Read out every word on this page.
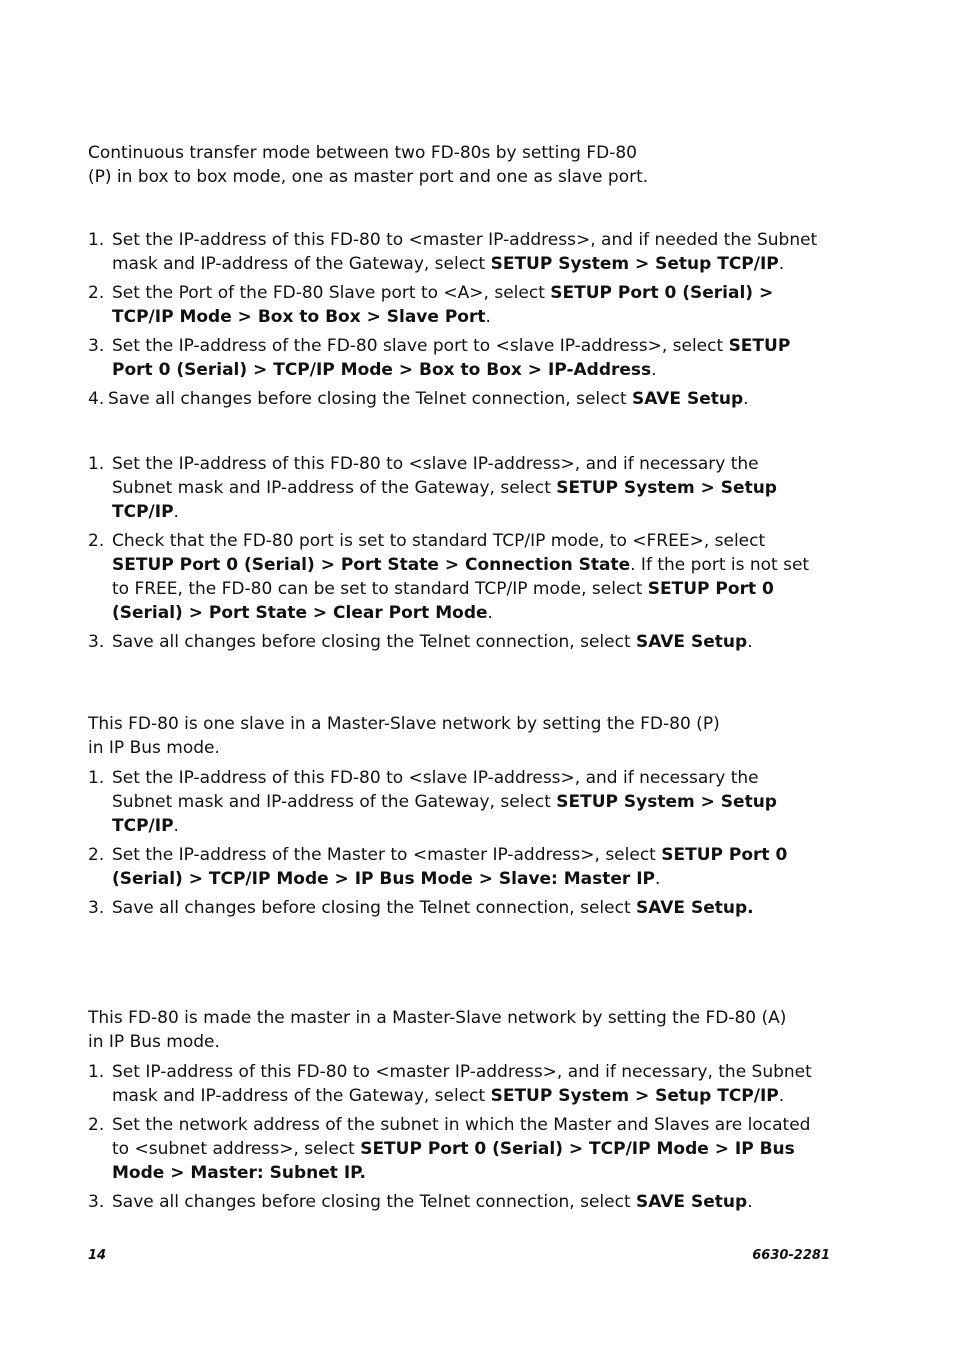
Continuous transfer mode between two FD-80s by setting FD-80
(P) in box to box mode, one as master port and one as slave port.

1. Set the IP-address of this FD-80 to <master IP-address>, and if needed the Subnet mask and IP-address of the Gateway, select SETUP System > Setup TCP/IP.
2. Set the Port of the FD-80 Slave port to <A>, select SETUP Port 0 (Serial) > TCP/IP Mode > Box to Box > Slave Port.
3. Set the IP-address of the FD-80 slave port to <slave IP-address>, select SETUP Port 0 (Serial) > TCP/IP Mode > Box to Box > IP-Address.
4. Save all changes before closing the Telnet connection, select SAVE Setup.
1. Set the IP-address of this FD-80 to <slave IP-address>, and if necessary the Subnet mask and IP-address of the Gateway, select SETUP System > Setup TCP/IP.
2. Check that the FD-80 port is set to standard TCP/IP mode, to <FREE>, select SETUP Port 0 (Serial) > Port State > Connection State. If the port is not set to FREE, the FD-80 can be set to standard TCP/IP mode, select SETUP Port 0 (Serial) > Port State > Clear Port Mode.
3. Save all changes before closing the Telnet connection, select SAVE Setup.

This FD-80 is one slave in a Master-Slave network by setting the FD-80 (P)
in IP Bus mode.

1. Set the IP-address of this FD-80 to <slave IP-address>, and if necessary the Subnet mask and IP-address of the Gateway, select SETUP System > Setup TCP/IP.
2. Set the IP-address of the Master to <master IP-address>, select SETUP Port 0 (Serial) > TCP/IP Mode > IP Bus Mode > Slave: Master IP.
3. Save all changes before closing the Telnet connection, select SAVE Setup.

This FD-80 is made the master in a Master-Slave network by setting the FD-80 (A)
in IP Bus mode.

1. Set IP-address of this FD-80 to <master IP-address>, and if necessary, the Subnet mask and IP-address of the Gateway, select SETUP System > Setup TCP/IP.
2. Set the network address of the subnet in which the Master and Slaves are located to <subnet address>, select SETUP Port 0 (Serial) > TCP/IP Mode > IP Bus Mode > Master: Subnet IP.
3. Save all changes before closing the Telnet connection, select SAVE Setup.
14	6630-2281
